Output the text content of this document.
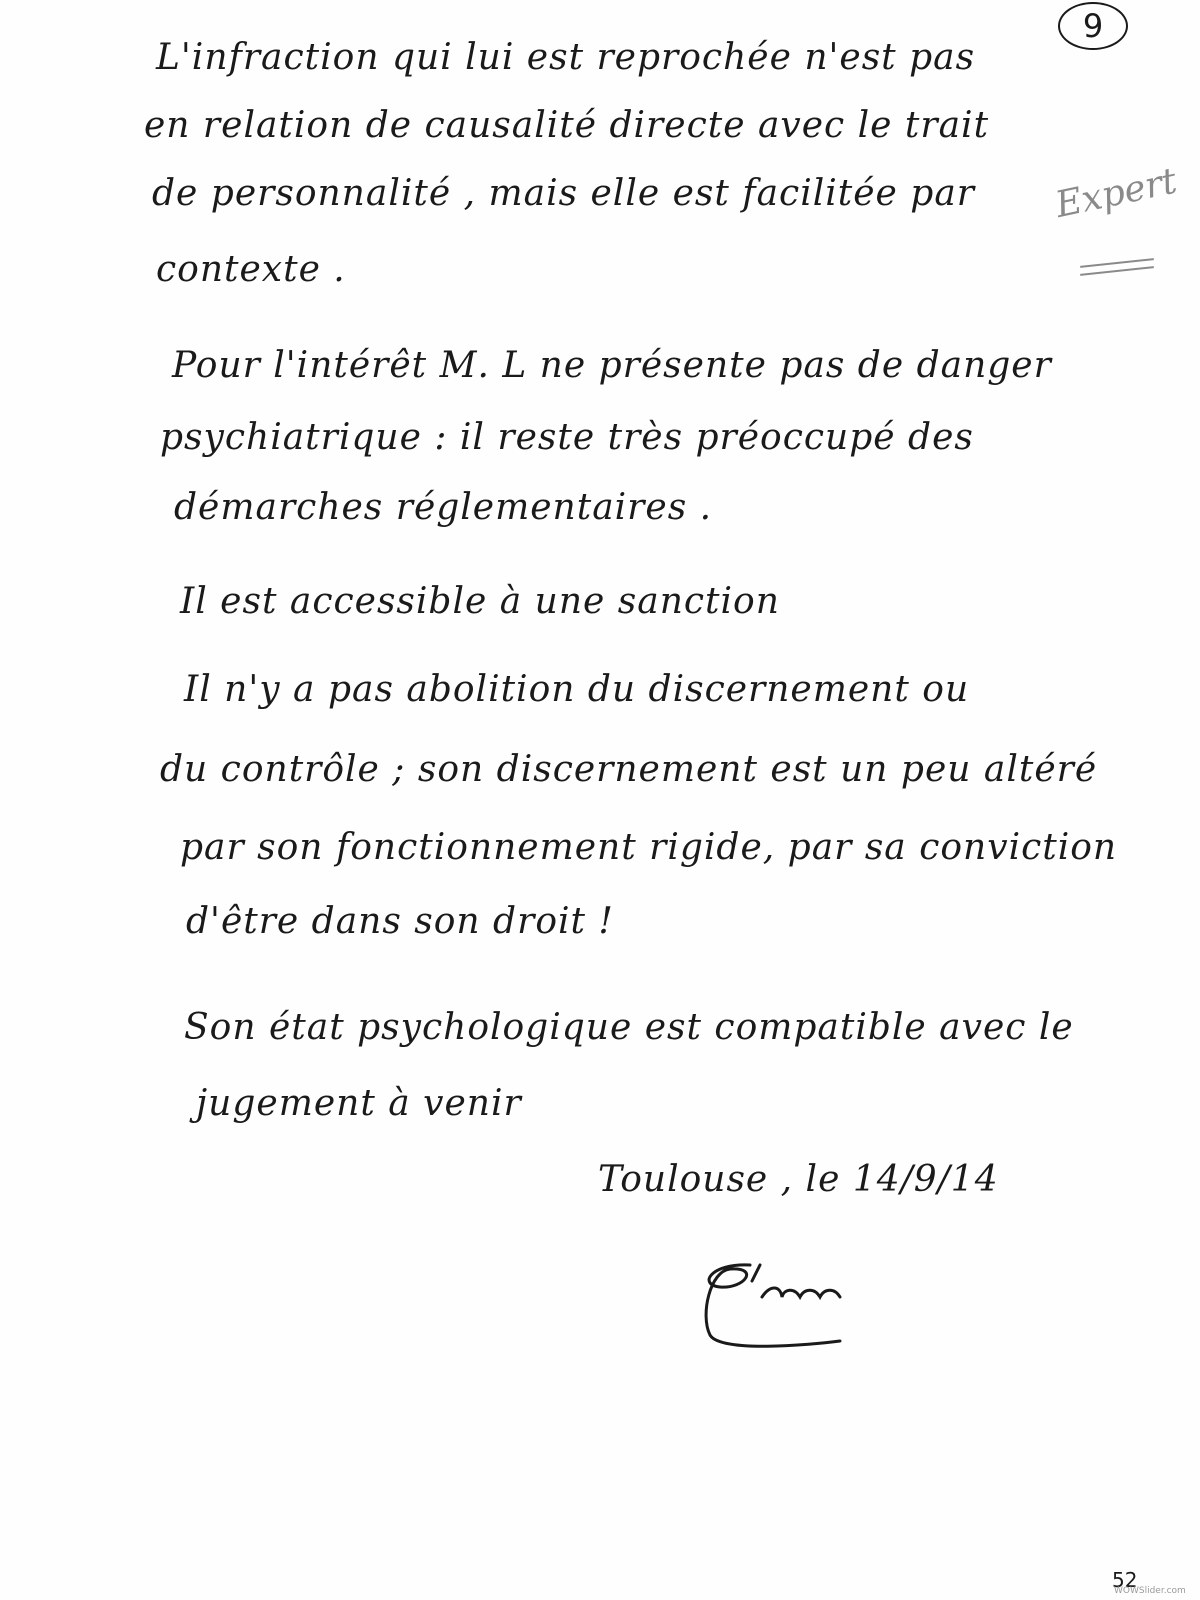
9
Expert
L'infraction qui lui est reprochée n'est pas
en relation de causalité directe avec le trait
de personnalité , mais elle est facilitée par
contexte .
Pour l'intérêt M. L ne présente pas de danger
psychiatrique : il reste très préoccupé des
démarches réglementaires .
Il est accessible à une sanction
Il n'y a pas abolition du discernement ou
du contrôle ; son discernement est un peu altéré
par son fonctionnement rigide, par sa conviction
d'être dans son droit !
Son état psychologique est compatible avec le
jugement à venir
Toulouse , le 14/9/14
52
WOWSlider.com
